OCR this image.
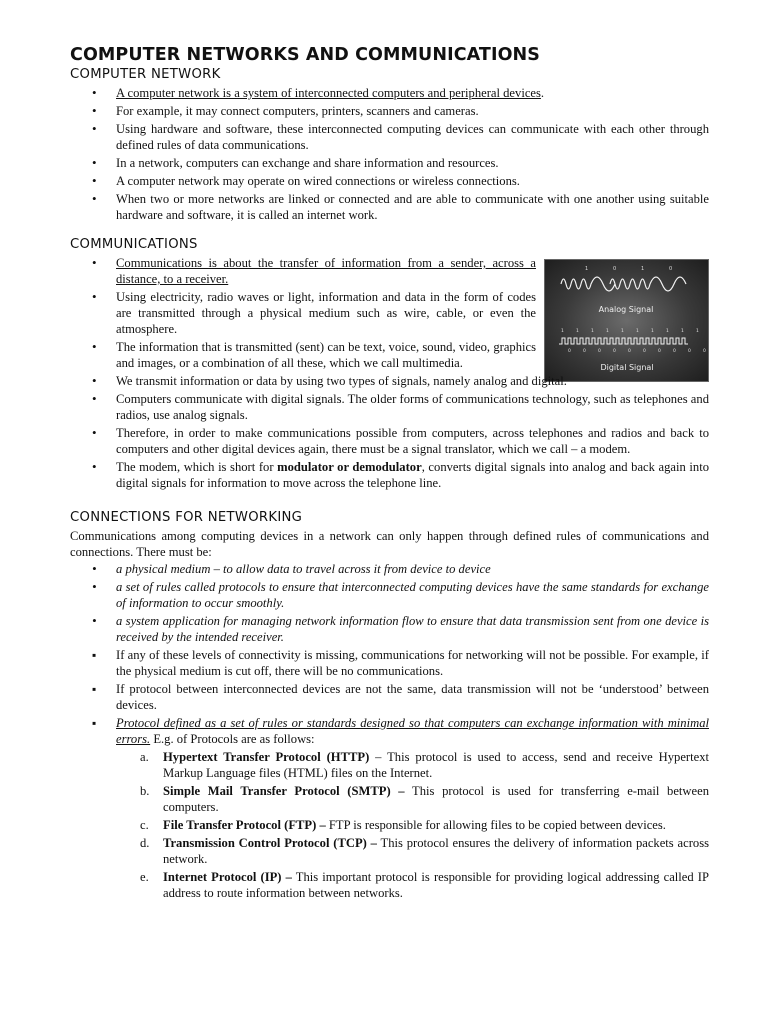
COMPUTER NETWORKS AND COMMUNICATIONS
COMPUTER NETWORK
• A computer network is a system of interconnected computers and peripheral devices.
• For example, it may connect computers, printers, scanners and cameras.
• Using hardware and software, these interconnected computing devices can communicate with each other through defined rules of data communications.
• In a network, computers can exchange and share information and resources.
• A computer network may operate on wired connections or wireless connections.
• When two or more networks are linked or connected and are able to communicate with one another using suitable hardware and software, it is called an internet work.
COMMUNICATIONS
1	0	1	0
Analog Signal
1
0
1
0
1
0
1
0
1
0
1
0
1
0
1
0
1
0
1
0
Digital Signal
• Communications is about the transfer of information from a sender, across a distance, to a receiver.
• Using electricity, radio waves or light, information and data in the form of codes are transmitted through a physical medium such as wire, cable, or even the atmosphere.
• The information that is transmitted (sent) can be text, voice, sound, video, graphics and images, or a combination of all these, which we call multimedia.
• We transmit information or data by using two types of signals, namely analog and digital.
• Computers communicate with digital signals. The older forms of communications technology, such as telephones and radios, use analog signals.
• Therefore, in order to make communications possible from computers, across telephones and radios and back to computers and other digital devices again, there must be a signal translator, which we call – a modem.
• The modem, which is short for modulator or demodulator, converts digital signals into analog and back again into digital signals for information to move across the telephone line.
CONNECTIONS FOR NETWORKING
Communications among computing devices in a network can only happen through defined rules of communications and connections. There must be:
• a physical medium – to allow data to travel across it from device to device
• a set of rules called protocols to ensure that interconnected computing devices have the same standards for exchange of information to occur smoothly.
• a system application for managing network information flow to ensure that data transmission sent from one device is received by the intended receiver.
▪ If any of these levels of connectivity is missing, communications for networking will not be possible. For example, if the physical medium is cut off, there will be no communications.
▪ If protocol between interconnected devices are not the same, data transmission will not be ‘understood’ between devices.
▪ Protocol defined as a set of rules or standards designed so that computers can exchange information with minimal errors. E.g. of Protocols are as follows:
a. Hypertext Transfer Protocol (HTTP) – This protocol is used to access, send and receive Hypertext Markup Language files (HTML) files on the Internet.
b. Simple Mail Transfer Protocol (SMTP) – This protocol is used for transferring e-mail between computers.
c. File Transfer Protocol (FTP) – FTP is responsible for allowing files to be copied between devices.
d. Transmission Control Protocol (TCP) – This protocol ensures the delivery of information packets across network.
e. Internet Protocol (IP) – This important protocol is responsible for providing logical addressing called IP address to route information between networks.
